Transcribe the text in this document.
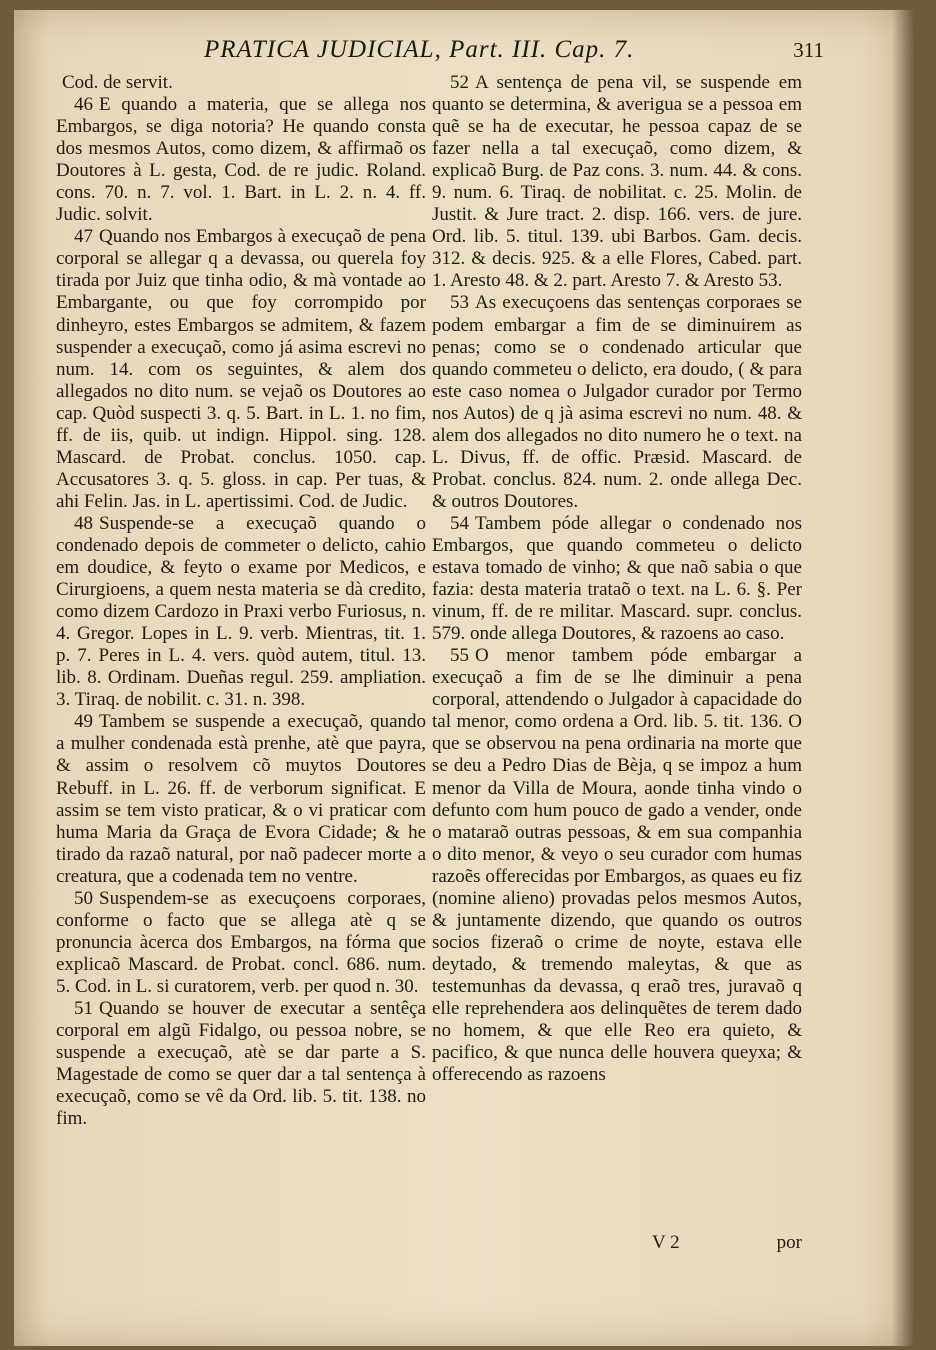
PRATICA JUDICIAL, Part. III. Cap. 7.	311

Cod. de servit.

46 E quando a materia, que se allega nos Embargos, se diga notoria? He quando consta dos mesmos Autos, como dizem, & affirmaõ os Doutores à L. gesta, Cod. de re judic. Roland. cons. 70. n. 7. vol. 1. Bart. in L. 2. n. 4. ff. Judic. solvit.

47 Quando nos Embargos à execuçaõ de pena corporal se allegar q a devassa, ou querela foy tirada por Juiz que tinha odio, & mà vontade ao Embargante, ou que foy corrompido por dinheyro, estes Embargos se admitem, & fazem suspender a execuçaõ, como já asima escrevi no num. 14. com os seguintes, & alem dos allegados no dito num. se vejaõ os Doutores ao cap. Quòd suspecti 3. q. 5. Bart. in L. 1. no fim, ff. de iis, quib. ut indign. Hippol. sing. 128. Mascard. de Probat. conclus. 1050. cap. Accusatores 3. q. 5. gloss. in cap. Per tuas, & ahi Felin. Jas. in L. apertissimi. Cod. de Judic.

48 Suspende-se a execuçaõ quando o condenado depois de commeter o delicto, cahio em doudice, & feyto o exame por Medicos, e Cirurgioens, a quem nesta materia se dà credito, como dizem Cardozo in Praxi verbo Furiosus, n. 4. Gregor. Lopes in L. 9. verb. Mientras, tit. 1. p. 7. Peres in L. 4. vers. quòd autem, titul. 13. lib. 8. Ordinam. Dueñas regul. 259. ampliation. 3. Tiraq. de nobilit. c. 31. n. 398.

49 Tambem se suspende a execuçaõ, quando a mulher condenada està prenhe, atè que payra, & assim o resolvem cõ muytos Doutores Rebuff. in L. 26. ff. de verborum significat. E assim se tem visto praticar, & o vi praticar com huma Maria da Graça de Evora Cidade; & he tirado da razaõ natural, por naõ padecer morte a creatura, que a codenada tem no ventre.

50 Suspendem-se as execuçoens corporaes, conforme o facto que se allega atè q se pronuncia àcerca dos Embargos, na fórma que explicaõ Mascard. de Probat. concl. 686. num. 5. Cod. in L. si curatorem, verb. per quod n. 30.

51 Quando se houver de executar a sentêça corporal em algũ Fidalgo, ou pessoa nobre, se suspende a execuçaõ, atè se dar parte a S. Magestade de como se quer dar a tal sentença à execuçaõ, como se vê da Ord. lib. 5. tit. 138. no fim.

52 A sentença de pena vil, se suspende em quanto se determina, & averigua se a pessoa em quẽ se ha de executar, he pessoa capaz de se fazer nella a tal execuçaõ, como dizem, & explicaõ Burg. de Paz cons. 3. num. 44. & cons. 9. num. 6. Tiraq. de nobilitat. c. 25. Molin. de Justit. & Jure tract. 2. disp. 166. vers. de jure. Ord. lib. 5. titul. 139. ubi Barbos. Gam. decis. 312. & decis. 925. & a elle Flores, Cabed. part. 1. Aresto 48. & 2. part. Aresto 7. & Aresto 53.

53 As execuçoens das sentenças corporaes se podem embargar a fim de se diminuirem as penas; como se o condenado articular que quando commeteu o delicto, era doudo, ( & para este caso nomea o Julgador curador por Termo nos Autos) de q jà asima escrevi no num. 48. & alem dos allegados no dito numero he o text. na L. Divus, ff. de offic. Præsid. Mascard. de Probat. conclus. 824. num. 2. onde allega Dec. & outros Doutores.

54 Tambem póde allegar o condenado nos Embargos, que quando commeteu o delicto estava tomado de vinho; & que naõ sabia o que fazia: desta materia trataõ o text. na L. 6. §. Per vinum, ff. de re militar. Mascard. supr. conclus. 579. onde allega Doutores, & razoens ao caso.

55 O menor tambem póde embargar a execuçaõ a fim de se lhe diminuir a pena corporal, attendendo o Julgador à capacidade do tal menor, como ordena a Ord. lib. 5. tit. 136. O que se observou na pena ordinaria na morte que se deu a Pedro Dias de Bèja, q se impoz a hum menor da Villa de Moura, aonde tinha vindo o defunto com hum pouco de gado a vender, onde o mataraõ outras pessoas, & em sua companhia o dito menor, & veyo o seu curador com humas razoẽs offerecidas por Embargos, as quaes eu fiz (nomine alieno) provadas pelos mesmos Autos, & juntamente dizendo, que quando os outros socios fizeraõ o crime de noyte, estava elle deytado, & tremendo maleytas, & que as testemunhas da devassa, q eraõ tres, juravaõ q elle reprehendera aos delinquẽtes de terem dado no homem, & que elle Reo era quieto, & pacifico, & que nunca delle houvera queyxa; & offerecendo as razoens

V 2	por
